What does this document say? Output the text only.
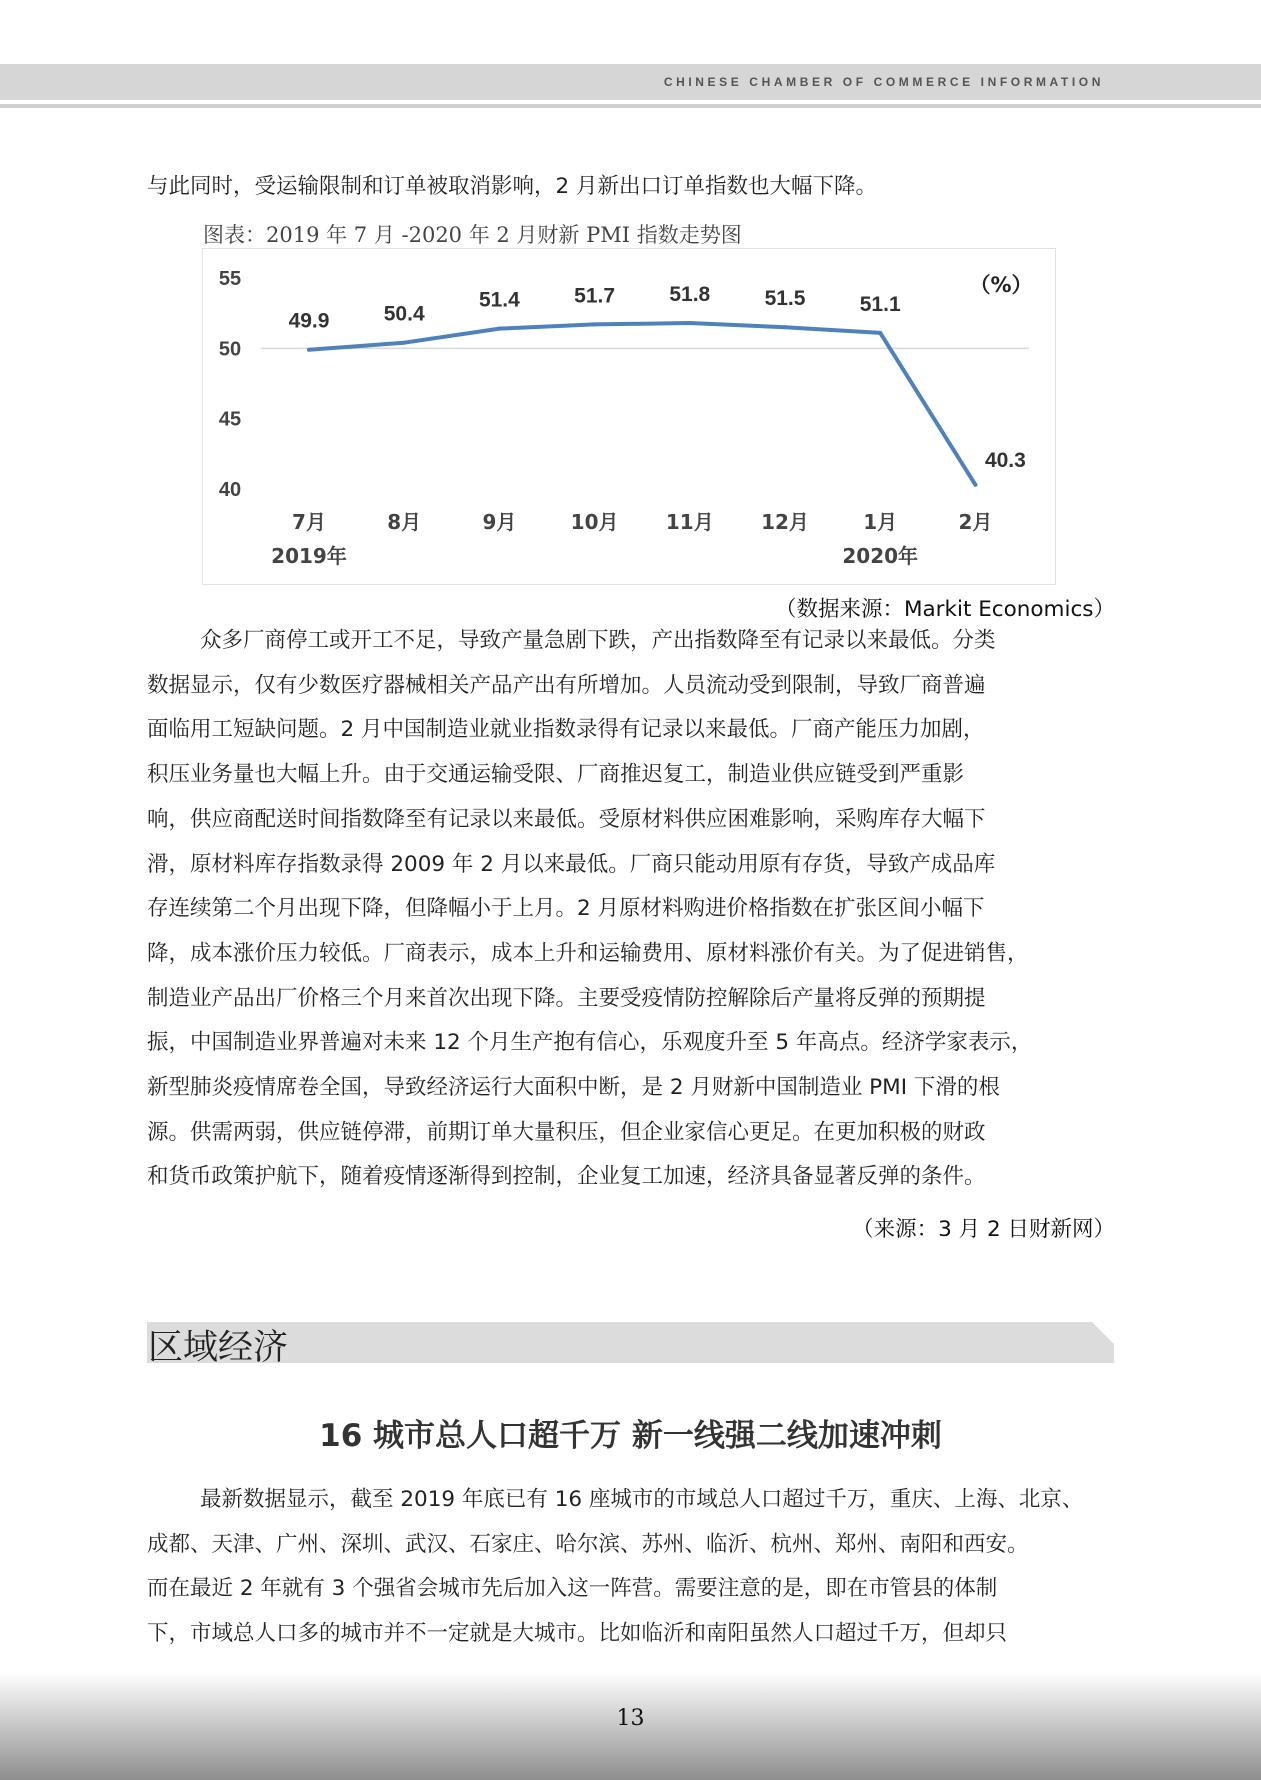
CHINESE CHAMBER OF COMMERCE INFORMATION
与此同时，受运输限制和订单被取消影响，2 月新出口订单指数也大幅下降。
图表：2019 年 7 月 -2020 年 2 月财新 PMI 指数走势图
40
45
50
55
49.9	50.4
51.4	51.7	51.8	51.5	51.1
40.3
7月
2019年
8月	9月	10月 11月 12月	1月
2020年
2月
（%）
（数据来源：Markit Economics）
众多厂商停工或开工不足，导致产量急剧下跌，产出指数降至有记录以来最低。分类
数据显示，仅有少数医疗器械相关产品产出有所增加。人员流动受到限制，导致厂商普遍
面临用工短缺问题。2 月中国制造业就业指数录得有记录以来最低。厂商产能压力加剧，
积压业务量也大幅上升。由于交通运输受限、厂商推迟复工，制造业供应链受到严重影
响，供应商配送时间指数降至有记录以来最低。受原材料供应困难影响，采购库存大幅下
滑，原材料库存指数录得 2009 年 2 月以来最低。厂商只能动用原有存货，导致产成品库
存连续第二个月出现下降，但降幅小于上月。2 月原材料购进价格指数在扩张区间小幅下
降，成本涨价压力较低。厂商表示，成本上升和运输费用、原材料涨价有关。为了促进销售，
制造业产品出厂价格三个月来首次出现下降。主要受疫情防控解除后产量将反弹的预期提
振，中国制造业界普遍对未来 12 个月生产抱有信心，乐观度升至 5 年高点。经济学家表示，
新型肺炎疫情席卷全国，导致经济运行大面积中断，是 2 月财新中国制造业 PMI 下滑的根
源。供需两弱，供应链停滞，前期订单大量积压，但企业家信心更足。在更加积极的财政
和货币政策护航下，随着疫情逐渐得到控制，企业复工加速，经济具备显著反弹的条件。
（来源：3 月 2 日财新网）
区域经济
16 城市总人口超千万 新一线强二线加速冲刺
最新数据显示，截至 2019 年底已有 16 座城市的市域总人口超过千万，重庆、上海、北京、
成都、天津、广州、深圳、武汉、石家庄、哈尔滨、苏州、临沂、杭州、郑州、南阳和西安。
而在最近 2 年就有 3 个强省会城市先后加入这一阵营。需要注意的是，即在市管县的体制
下，市域总人口多的城市并不一定就是大城市。比如临沂和南阳虽然人口超过千万，但却只
13
